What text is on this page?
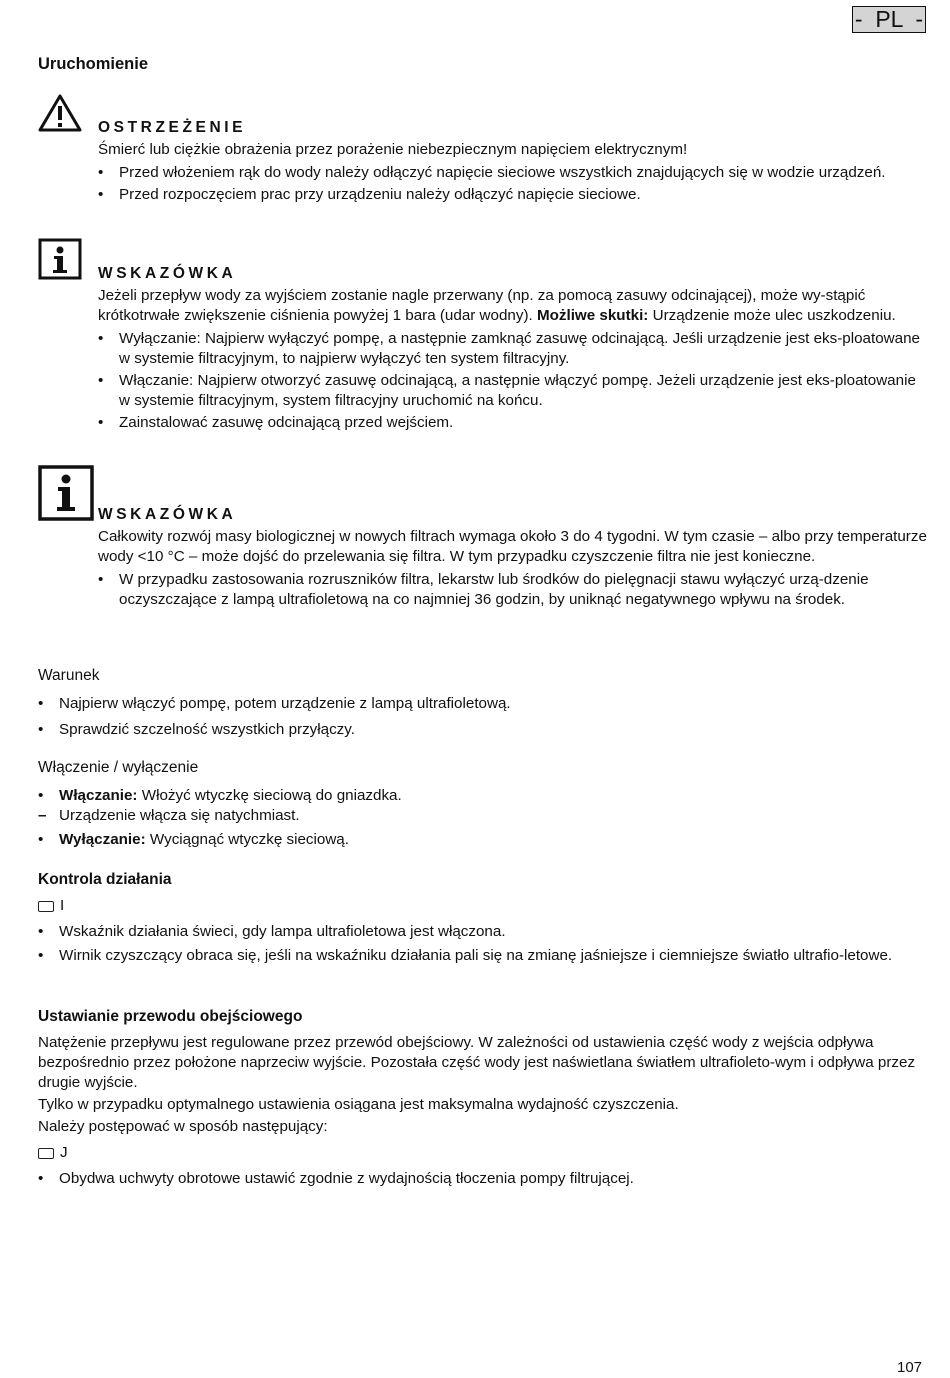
-  PL  -
Uruchomienie
OSTRZEŻENIE

Śmierć lub ciężkie obrażenia przez porażenie niebezpiecznym napięciem elektrycznym!

• Przed włożeniem rąk do wody należy odłączyć napięcie sieciowe wszystkich znajdujących się w wodzie urządzeń.
• Przed rozpoczęciem prac przy urządzeniu należy odłączyć napięcie sieciowe.
WSKAZÓWKA

Jeżeli przepływ wody za wyjściem zostanie nagle przerwany (np. za pomocą zasuwy odcinającej), może wy-stąpić krótkotrwałe zwiększenie ciśnienia powyżej 1 bara (udar wodny). Możliwe skutki: Urządzenie może ulec uszkodzeniu.

• Wyłączanie: Najpierw wyłączyć pompę, a następnie zamknąć zasuwę odcinającą. Jeśli urządzenie jest eks-ploatowane w systemie filtracyjnym, to najpierw wyłączyć ten system filtracyjny.
• Włączanie: Najpierw otworzyć zasuwę odcinającą, a następnie włączyć pompę. Jeżeli urządzenie jest eks-ploatowanie w systemie filtracyjnym, system filtracyjny uruchomić na końcu.
• Zainstalować zasuwę odcinającą przed wejściem.
WSKAZÓWKA

Całkowity rozwój masy biologicznej w nowych filtrach wymaga około 3 do 4 tygodni. W tym czasie – albo przy temperaturze wody <10 °C – może dojść do przelewania się filtra. W tym przypadku czyszczenie filtra nie jest konieczne.

• W przypadku zastosowania rozruszników filtra, lekarstw lub środków do pielęgnacji stawu wyłączyć urzą-dzenie oczyszczające z lampą ultrafioletową na co najmniej 36 godzin, by uniknąć negatywnego wpływu na środek.
Warunek
• Najpierw włączyć pompę, potem urządzenie z lampą ultrafioletową.
• Sprawdzić szczelność wszystkich przyłączy.
Włączenie / wyłączenie
• Włączanie: Włożyć wtyczkę sieciową do gniazdka.
– Urządzenie włącza się natychmiast.
• Wyłączanie: Wyciągnąć wtyczkę sieciową.
Kontrola działania
I
• Wskaźnik działania świeci, gdy lampa ultrafioletowa jest włączona.
• Wirnik czyszczący obraca się, jeśli na wskaźniku działania pali się na zmianę jaśniejsze i ciemniejsze światło ultrafio-letowe.
Ustawianie przewodu obejściowego

Natężenie przepływu jest regulowane przez przewód obejściowy. W zależności od ustawienia część wody z wejścia odpływa bezpośrednio przez położone naprzeciw wyjście. Pozostała część wody jest naświetlana światłem ultrafioleto-wym i odpływa przez drugie wyjście.

Tylko w przypadku optymalnego ustawienia osiągana jest maksymalna wydajność czyszczenia.

Należy postępować w sposób następujący:

J
• Obydwa uchwyty obrotowe ustawić zgodnie z wydajnością tłoczenia pompy filtrującej.
107
